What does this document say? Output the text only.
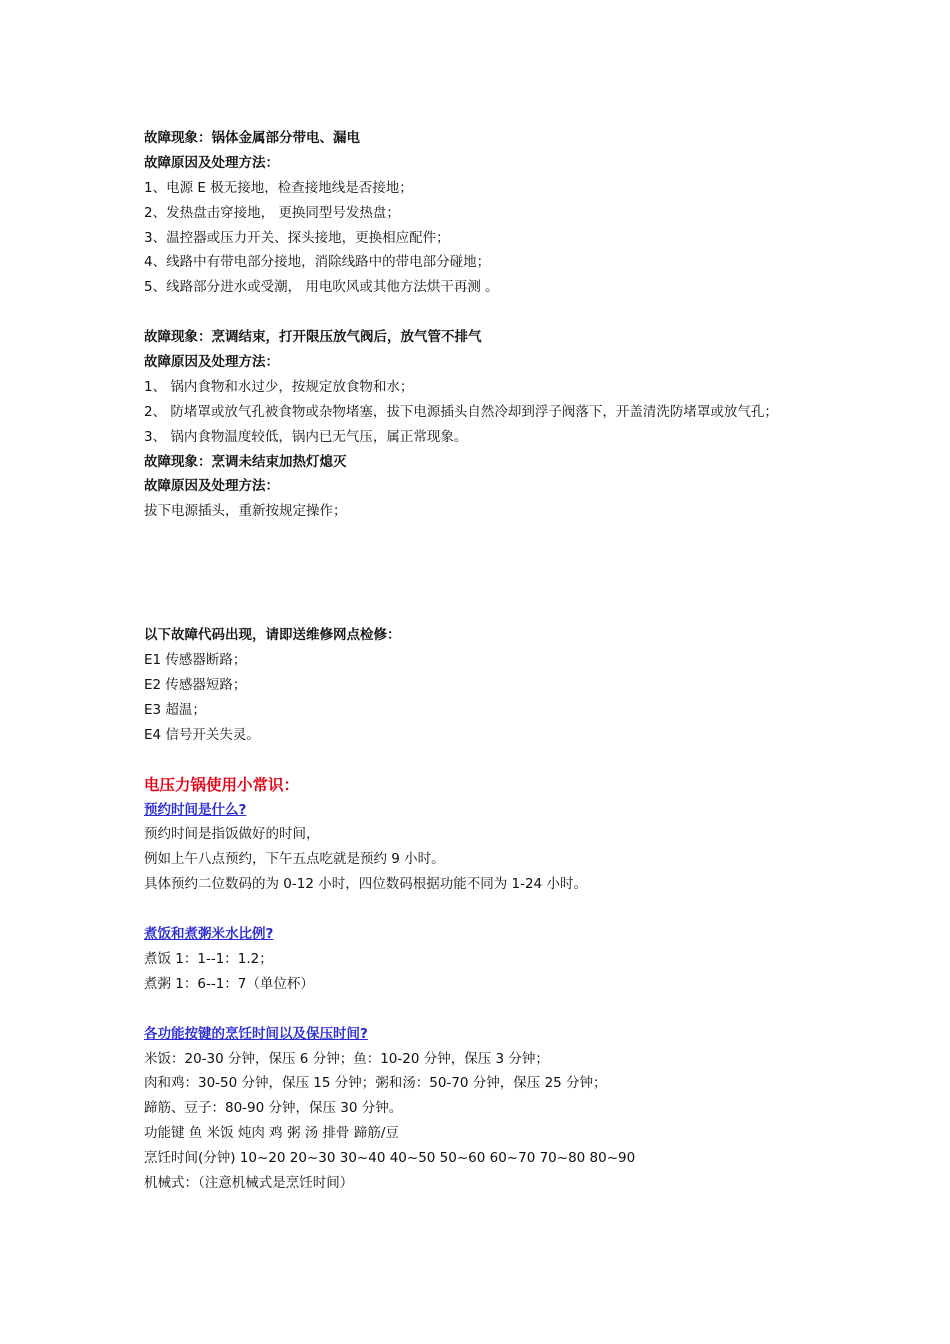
故障现象：锅体金属部分带电、漏电
故障原因及处理方法：
1、电源 E 极无接地，检查接地线是否接地；
2、发热盘击穿接地， 更换同型号发热盘；
3、温控器或压力开关、探头接地，更换相应配件；
4、线路中有带电部分接地，消除线路中的带电部分碰地；
5、线路部分进水或受潮， 用电吹风或其他方法烘干再测 。
故障现象：烹调结束，打开限压放气阀后，放气管不排气
故障原因及处理方法：
1、 锅内食物和水过少，按规定放食物和水；
2、 防堵罩或放气孔被食物或杂物堵塞，拔下电源插头自然冷却到浮子阀落下，开盖清洗防堵罩或放气孔；
3、 锅内食物温度较低，锅内已无气压，属正常现象。
故障现象：烹调未结束加热灯熄灭
故障原因及处理方法：
拔下电源插头，重新按规定操作；
以下故障代码出现，请即送维修网点检修：
E1 传感器断路；
E2 传感器短路；
E3 超温；
E4 信号开关失灵。
电压力锅使用小常识：
预约时间是什么?
预约时间是指饭做好的时间，
例如上午八点预约，下午五点吃就是预约 9 小时。
具体预约二位数码的为 0-12 小时，四位数码根据功能不同为 1-24 小时。
煮饭和煮粥米水比例?
煮饭 1：1--1：1.2；
煮粥 1：6--1：7（单位杯）
各功能按键的烹饪时间以及保压时间?
米饭：20-30 分钟，保压 6 分钟；鱼：10-20 分钟，保压 3 分钟；
肉和鸡：30-50 分钟，保压 15 分钟；粥和汤：50-70 分钟，保压 25 分钟；
蹄筋、豆子：80-90 分钟，保压 30 分钟。
功能键 鱼 米饭 炖肉 鸡 粥 汤 排骨 蹄筋/豆
烹饪时间(分钟) 10~20 20~30 30~40 40~50 50~60 60~70 70~80 80~90
机械式：（注意机械式是烹饪时间）
